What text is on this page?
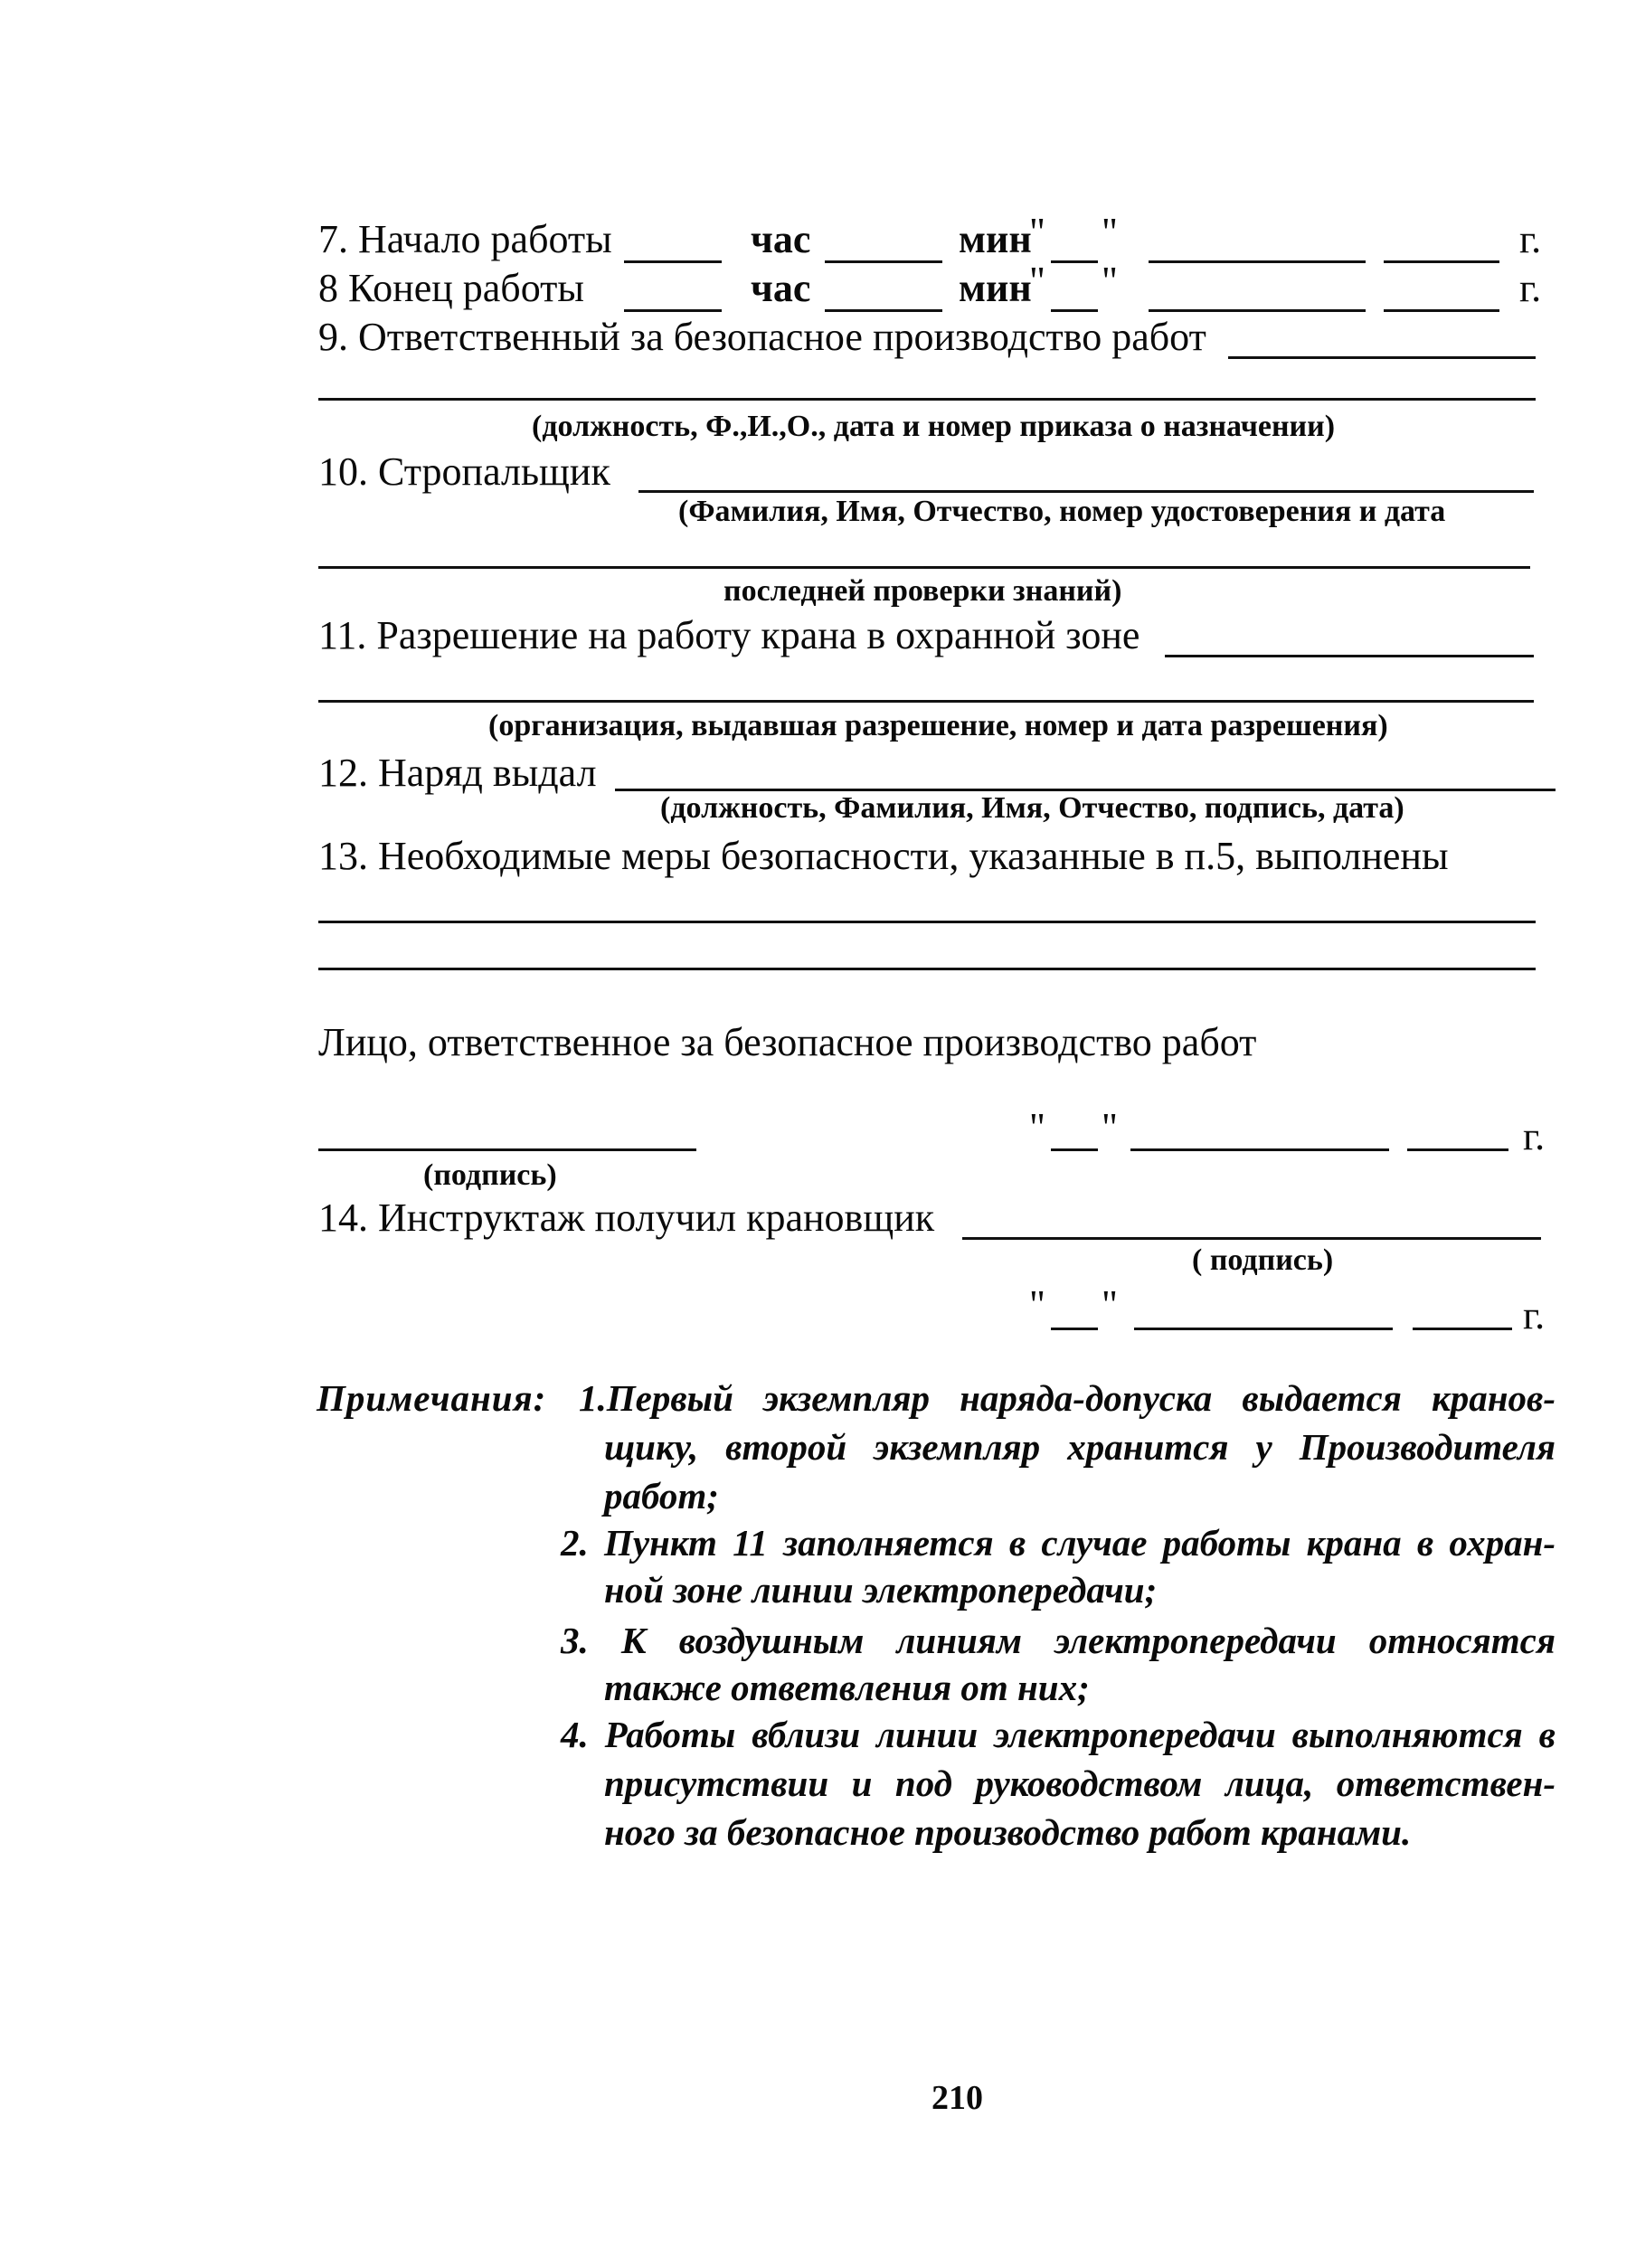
7. Начало работы	час	мин
" "	г.
8 Конец работы	час	мин
" "	г.
9. Ответственный за безопасное производство работ
(должность, Ф.,И.,О., дата и номер приказа о назначении)
10. Стропальщик
(Фамилия, Имя, Отчество, номер удостоверения и дата
последней проверки знаний)
11. Разрешение на работу крана в охранной зоне
(организация, выдавшая разрешение, номер и дата разрешения)
12. Наряд выдал
(должность, Фамилия, Имя, Отчество, подпись, дата)
13. Необходимые меры безопасности, указанные в п.5, выполнены
Лицо, ответственное за безопасное производство работ
(подпись)
" "	г.
14. Инструктаж получил крановщик
( подпись)
" "	г.
Примечания: 1.Первый экземпляр наряда-допуска выдается кранов-
щику, второй экземпляр хранится у Производителя
работ;
2. Пункт 11 заполняется в случае работы крана в охран-
ной зоне линии электропередачи;
3. К воздушным линиям электропередачи относятся
также ответвления от них;
4. Работы вблизи линии электропередачи выполняются в
присутствии и под руководством лица, ответствен-
ного за безопасное производство работ кранами.
210
